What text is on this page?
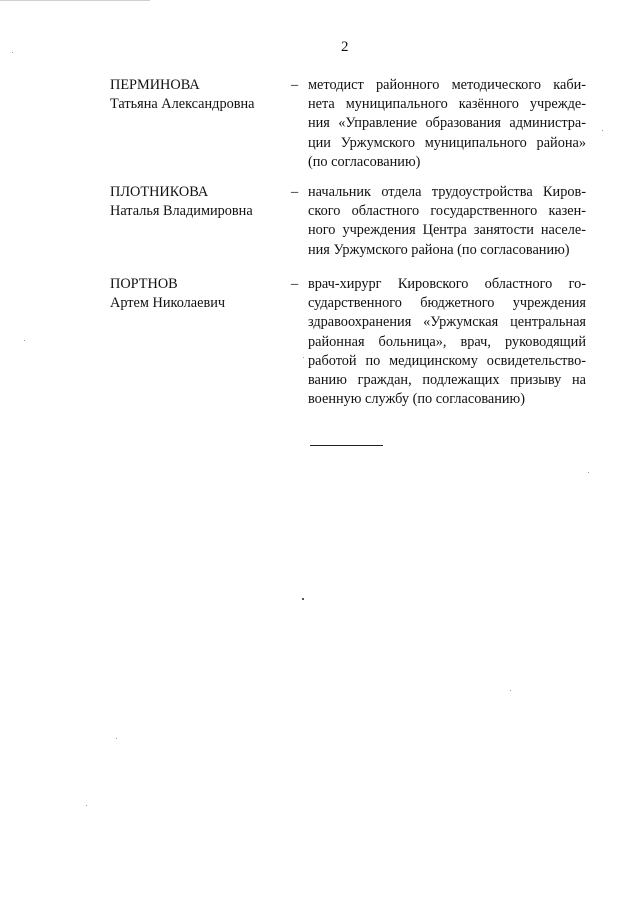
2
ПЕРМИНОВА
Татьяна Александровна
– методист районного методического каби-
нета муниципального казённого учрежде-
ния «Управление образования администра-
ции Уржумского муниципального района»
(по согласованию)
ПЛОТНИКОВА
Наталья Владимировна
– начальник отдела трудоустройства Киров-
ского областного государственного казен-
ного учреждения Центра занятости населе-
ния Уржумского района (по согласованию)
ПОРТНОВ
Артем Николаевич
– врач-хирург Кировского областного го-
сударственного бюджетного учреждения
здравоохранения «Уржумская центральная
районная больница», врач, руководящий
работой по медицинскому освидетельство-
ванию граждан, подлежащих призыву на
военную службу (по согласованию)
